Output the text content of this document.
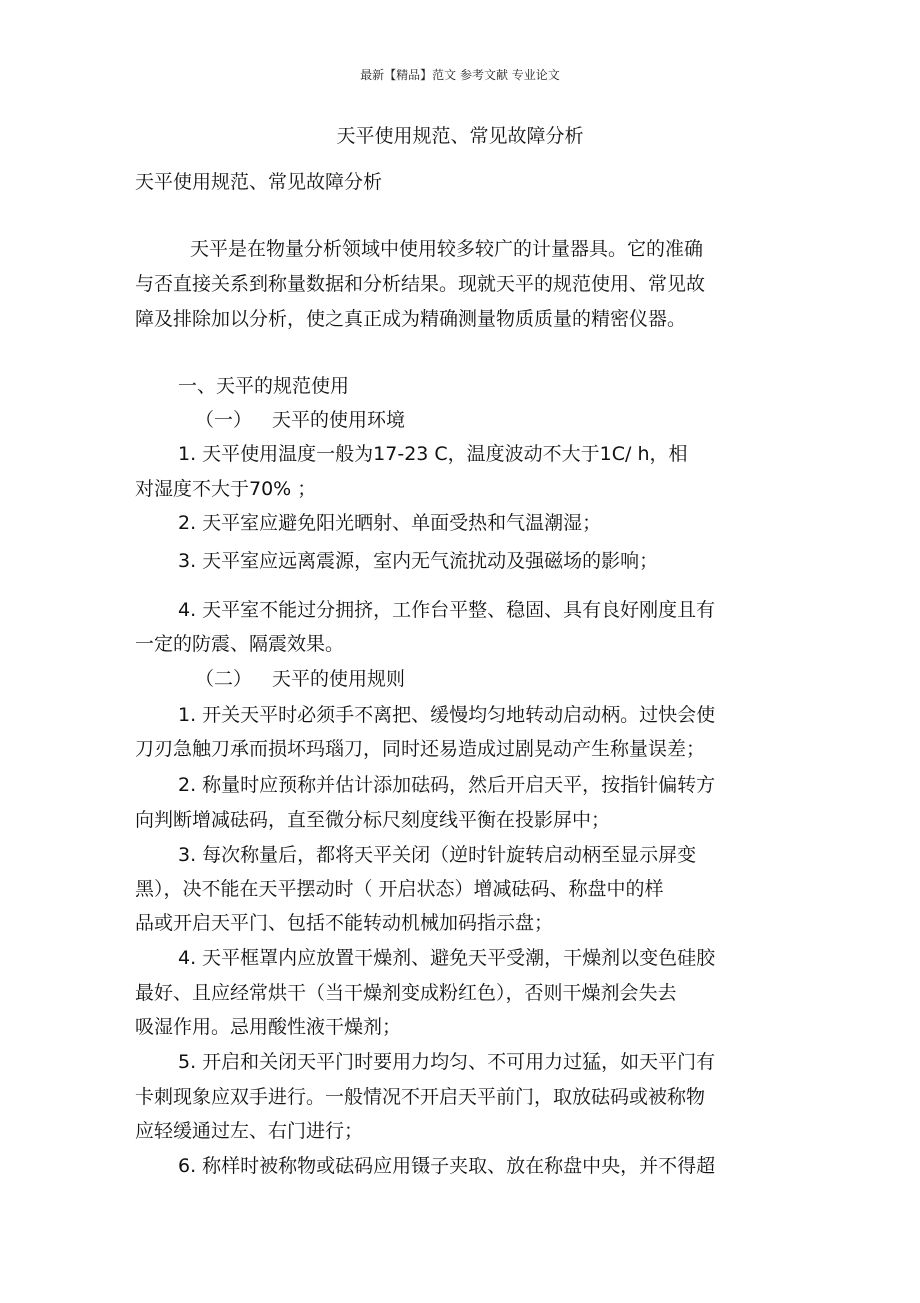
最新【精品】范文 参考文献 专业论文
天平使用规范、常见故障分析
天平使用规范、常见故障分析
天平是在物量分析领域中使用较多较广的计量器具。它的准确
与否直接关系到称量数据和分析结果。现就天平的规范使用、常见故
障及排除加以分析，使之真正成为精确测量物质质量的精密仪器。
一、天平的规范使用
（一） 天平的使用环境
1. 天平使用温度一般为17-23 C，温度波动不大于1C/ h，相
对湿度不大于70% ；
2. 天平室应避免阳光晒射、单面受热和气温潮湿；
3. 天平室应远离震源，室内无气流扰动及强磁场的影响；
4. 天平室不能过分拥挤，工作台平整、稳固、具有良好刚度且有
一定的防震、隔震效果。
（二） 天平的使用规则
1. 开关天平时必须手不离把、缓慢均匀地转动启动柄。过快会使
刀刃急触刀承而损坏玛瑙刀，同时还易造成过剧晃动产生称量误差；
2. 称量时应预称并估计添加砝码，然后开启天平，按指针偏转方
向判断增减砝码，直至微分标尺刻度线平衡在投影屏中；
3. 每次称量后，都将天平关闭（逆时针旋转启动柄至显示屏变
黑），决不能在天平摆动时（ 开启状态）增减砝码、称盘中的样
品或开启天平门、包括不能转动机械加码指示盘；
4. 天平框罩内应放置干燥剂、避免天平受潮，干燥剂以变色硅胶
最好、且应经常烘干（当干燥剂变成粉红色），否则干燥剂会失去
吸湿作用。忌用酸性液干燥剂；
5. 开启和关闭天平门时要用力均匀、不可用力过猛，如天平门有
卡刺现象应双手进行。一般情况不开启天平前门，取放砝码或被称物
应轻缓通过左、右门进行；
6. 称样时被称物或砝码应用镊子夹取、放在称盘中央，并不得超
